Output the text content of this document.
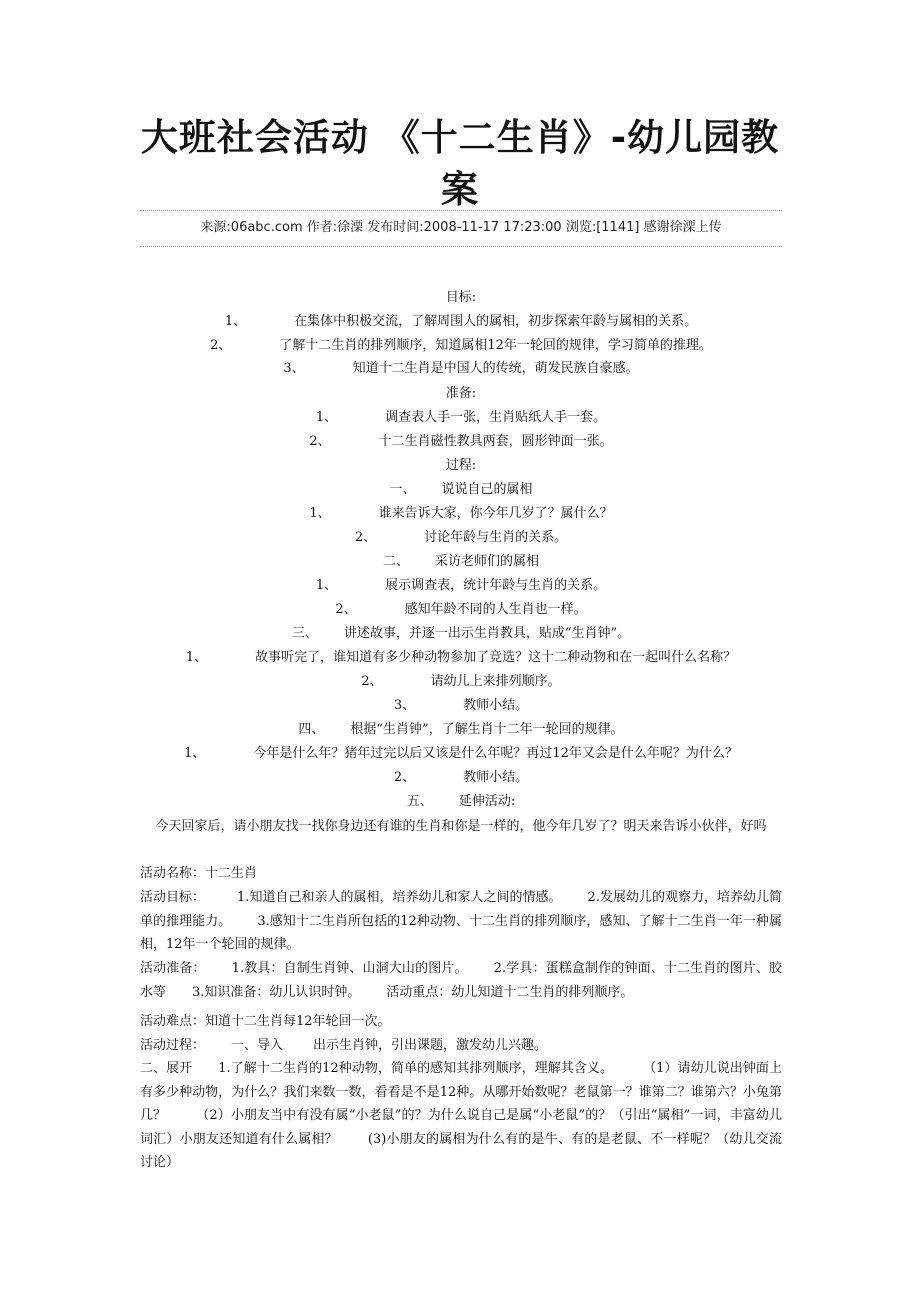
大班社会活动 《十二生肖》-幼儿园教
案
来源:06abc.com 作者:徐溧 发布时间:2008-11-17 17:23:00 浏览:[1141] 感谢徐溧上传
目标:
1、	在集体中积极交流，了解周围人的属相，初步探索年龄与属相的关系。
2、	了解十二生肖的排列顺序，知道属相12年一轮回的规律，学习简单的推理。
3、	知道十二生肖是中国人的传统，萌发民族自豪感。
准备:
1、	调查表人手一张，生肖贴纸人手一套。
2、	十二生肖磁性教具两套，圆形钟面一张。
过程:
一、 说说自己的属相
1、	谁来告诉大家，你今年几岁了？属什么？
2、	讨论年龄与生肖的关系。
二、 采访老师们的属相
1、	展示调查表，统计年龄与生肖的关系。
2、	感知年龄不同的人生肖也一样。
三、 讲述故事，并逐一出示生肖教具，贴成“生肖钟”。
1、	故事听完了，谁知道有多少种动物参加了竞选？这十二种动物和在一起叫什么名称？
2、	请幼儿上来排列顺序。
3、	教师小结。
四、 根据“生肖钟”，了解生肖十二年一轮回的规律。
1、	今年是什么年？猪年过完以后又该是什么年呢？再过12年又会是什么年呢？为什么？
2、	教师小结。
五、 延伸活动:
今天回家后，请小朋友找一找你身边还有谁的生肖和你是一样的，他今年几岁了？明天来告诉小伙伴，好吗
活动名称：十二生肖
活动目标： 1.知道自己和亲人的属相，培养幼儿和家人之间的情感。 2.发展幼儿的观察力，培养幼儿简单的推理能力。 3.感知十二生肖所包括的12种动物、十二生肖的排列顺序，感知、了解十二生肖一年一种属相，12年一个轮回的规律。
活动准备： 1.教具：自制生肖钟、山洞大山的图片。 2.学具：蛋糕盒制作的钟面、十二生肖的图片、胶水等 3.知识准备：幼儿认识时钟。 活动重点：幼儿知道十二生肖的排列顺序。
活动难点：知道十二生肖每12年轮回一次。
活动过程： 一、导入 出示生肖钟，引出课题，激发幼儿兴趣。
二、展开 1.了解十二生肖的12种动物，简单的感知其排列顺序，理解其含义。 （1）请幼儿说出钟面上有多少种动物，为什么？我们来数一数，看看是不是12种。从哪开始数呢？老鼠第一？谁第二？谁第六？小兔第几？ （2）小朋友当中有没有属“小老鼠”的？为什么说自己是属“小老鼠”的？（引出“属相”一词，丰富幼儿词汇）小朋友还知道有什么属相？ (3)小朋友的属相为什么有的是牛、有的是老鼠、不一样呢？（幼儿交流讨论）
